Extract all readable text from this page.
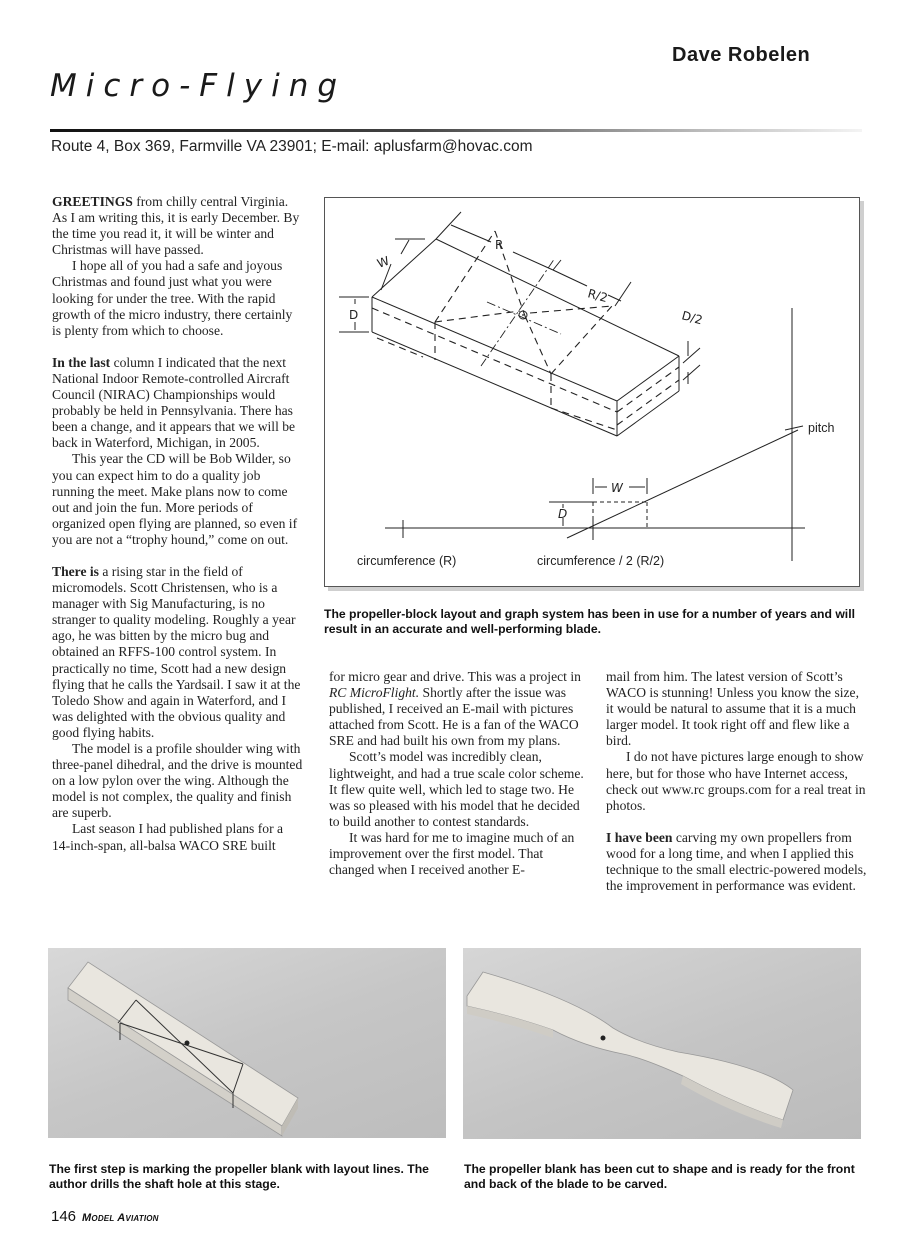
Dave Robelen
Micro-Flying
Route 4, Box 369, Farmville VA 23901; E-mail: aplusfarm@hovac.com

GREETINGS from chilly central Virginia. As I am writing this, it is early December. By the time you read it, it will be winter and Christmas will have passed.

I hope all of you had a safe and joyous Christmas and found just what you were looking for under the tree. With the rapid growth of the micro industry, there certainly is plenty from which to choose.

In the last column I indicated that the next National Indoor Remote-controlled Aircraft Council (NIRAC) Championships would probably be held in Pennsylvania. There has been a change, and it appears that we will be back in Waterford, Michigan, in 2005.

This year the CD will be Bob Wilder, so you can expect him to do a quality job running the meet. Make plans now to come out and join the fun. More periods of organized open flying are planned, so even if you are not a “trophy hound,” come on out.

There is a rising star in the field of micromodels. Scott Christensen, who is a manager with Sig Manufacturing, is no stranger to quality modeling. Roughly a year ago, he was bitten by the micro bug and obtained an RFFS-100 control system. In practically no time, Scott had a new design flying that he calls the Yardsail. I saw it at the Toledo Show and again in Waterford, and I was delighted with the obvious quality and good flying habits.

The model is a profile shoulder wing with three-panel dihedral, and the drive is mounted on a low pylon over the wing. Although the model is not complex, the quality and finish are superb.

Last season I had published plans for a 14-inch-span, all-balsa WACO SRE built

W
R
R/2
D	D/2
pitch
W
D
circumference (R)	circumference / 2 (R/2)
The propeller-block layout and graph system has been in use for a number of years and will result in an accurate and well-performing blade.

for micro gear and drive. This was a project in RC MicroFlight. Shortly after the issue was published, I received an E-mail with pictures attached from Scott. He is a fan of the WACO SRE and had built his own from my plans.

Scott’s model was incredibly clean, lightweight, and had a true scale color scheme. It flew quite well, which led to stage two. He was so pleased with his model that he decided to build another to contest standards.

It was hard for me to imagine much of an improvement over the first model. That changed when I received another E-

mail from him. The latest version of Scott’s WACO is stunning! Unless you know the size, it would be natural to assume that it is a much larger model. It took right off and flew like a bird.

I do not have pictures large enough to show here, but for those who have Internet access, check out www.rc groups.com for a real treat in photos.

I have been carving my own propellers from wood for a long time, and when I applied this technique to the small electric-powered models, the improvement in performance was evident.

The first step is marking the propeller blank with layout lines. The author drills the shaft hole at this stage.
The propeller blank has been cut to shape and is ready for the front and back of the blade to be carved.
146 Model Aviation
